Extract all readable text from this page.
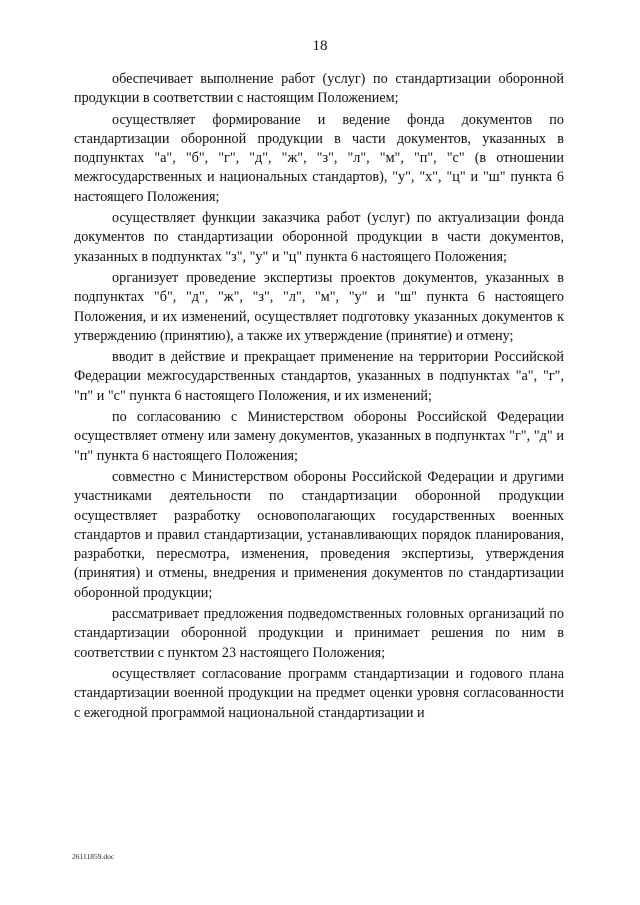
18

обеспечивает выполнение работ (услуг) по стандартизации оборонной продукции в соответствии с настоящим Положением;

осуществляет формирование и ведение фонда документов по стандартизации оборонной продукции в части документов, указанных в подпунктах "а", "б", "г", "д", "ж", "з", "л", "м", "п", "с" (в отношении межгосударственных и национальных стандартов), "у", "х", "ц" и "ш" пункта 6 настоящего Положения;

осуществляет функции заказчика работ (услуг) по актуализации фонда документов по стандартизации оборонной продукции в части документов, указанных в подпунктах "з", "у" и "ц" пункта 6 настоящего Положения;

организует проведение экспертизы проектов документов, указанных в подпунктах "б", "д", "ж", "з", "л", "м", "у" и "ш" пункта 6 настоящего Положения, и их изменений, осуществляет подготовку указанных документов к утверждению (принятию), а также их утверждение (принятие) и отмену;

вводит в действие и прекращает применение на территории Российской Федерации межгосударственных стандартов, указанных в подпунктах "а", "г", "п" и "с" пункта 6 настоящего Положения, и их изменений;

по согласованию с Министерством обороны Российской Федерации осуществляет отмену или замену документов, указанных в подпунктах "г", "д" и "п" пункта 6 настоящего Положения;

совместно с Министерством обороны Российской Федерации и другими участниками деятельности по стандартизации оборонной продукции осуществляет разработку основополагающих государственных военных стандартов и правил стандартизации, устанавливающих порядок планирования, разработки, пересмотра, изменения, проведения экспертизы, утверждения (принятия) и отмены, внедрения и применения документов по стандартизации оборонной продукции;

рассматривает предложения подведомственных головных организаций по стандартизации оборонной продукции и принимает решения по ним в соответствии с пунктом 23 настоящего Положения;

осуществляет согласование программ стандартизации и годового плана стандартизации военной продукции на предмет оценки уровня согласованности с ежегодной программой национальной стандартизации и

26111859.doc
